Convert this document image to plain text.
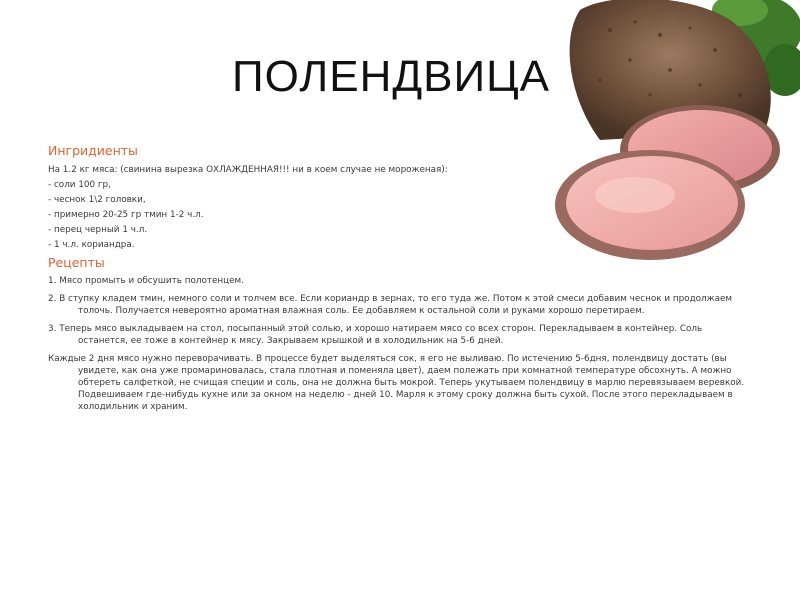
ПОЛЕНДВИЦА
Ингридиенты

На 1.2 кг мяса: (свинина вырезка ОХЛАЖДЕННАЯ!!! ни в коем случае не мороженая):

- соли 100 гр,

- чеснок 1\2 головки,

- примерно 20-25 гр тмин 1-2 ч.л.

- перец черный 1 ч.л.

- 1 ч.л. кориандра.

Рецепты

1. Мясо промыть и обсушить полотенцем.

2. В ступку кладем тмин, немного соли и толчем все. Если кориандр в зернах, то его туда же. Потом к этой смеси добавим чеснок и продолжаем толочь. Получается невероятно ароматная влажная соль. Ее добавляем к остальной соли и руками хорошо перетираем.

3. Теперь мясо выкладываем на стол, посыпанный этой солью, и хорошо натираем мясо со всех сторон. Перекладываем в контейнер. Соль останется, ее тоже в контейнер к мясу. Закрываем крышкой и в холодильник на 5-6 дней.

Каждые 2 дня мясо нужно переворачивать. В процессе будет выделяться сок, я его не выливаю. По истечению 5-6дня, полендвицу достать (вы увидете, как она уже промариновалась, стала плотная и поменяла цвет), даем полежать при комнатной температуре обсохнуть. А можно обтереть салфеткой, не счищая специи и соль, она не должна быть мокрой. Теперь укутываем полендвицу в марлю перевязываем веревкой. Подвешиваем где-нибудь кухне или за окном на неделю - дней 10. Марля к этому сроку должна быть сухой. После этого перекладываем в холодильник и храним.
